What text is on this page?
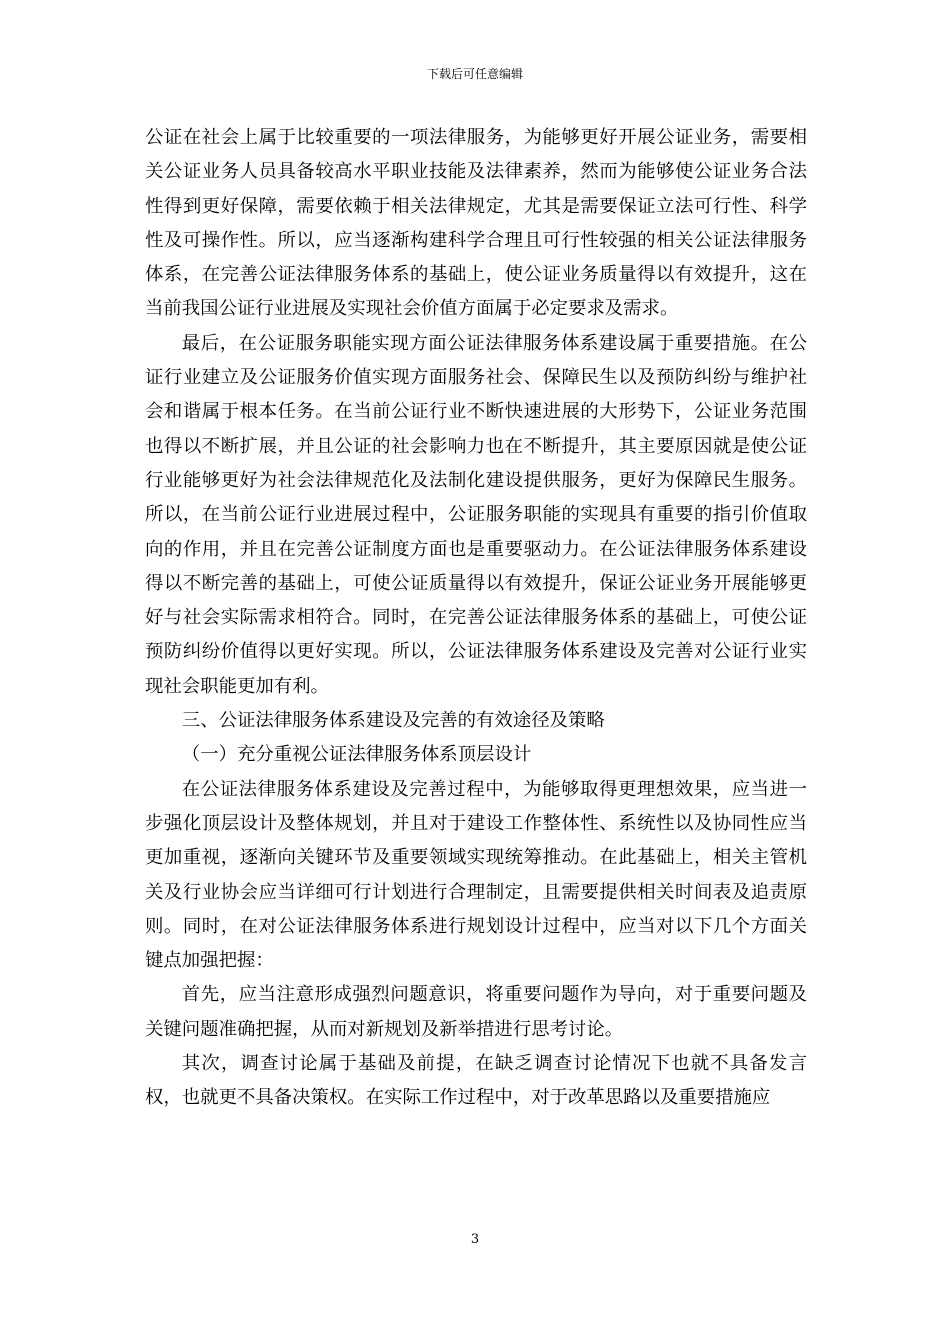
下载后可任意编辑

公证在社会上属于比较重要的一项法律服务，为能够更好开展公证业务，需要相关公证业务人员具备较高水平职业技能及法律素养，然而为能够使公证业务合法性得到更好保障，需要依赖于相关法律规定，尤其是需要保证立法可行性、科学性及可操作性。所以，应当逐渐构建科学合理且可行性较强的相关公证法律服务体系，在完善公证法律服务体系的基础上，使公证业务质量得以有效提升，这在当前我国公证行业进展及实现社会价值方面属于必定要求及需求。

最后，在公证服务职能实现方面公证法律服务体系建设属于重要措施。在公证行业建立及公证服务价值实现方面服务社会、保障民生以及预防纠纷与维护社会和谐属于根本任务。在当前公证行业不断快速进展的大形势下，公证业务范围也得以不断扩展，并且公证的社会影响力也在不断提升，其主要原因就是使公证行业能够更好为社会法律规范化及法制化建设提供服务，更好为保障民生服务。所以，在当前公证行业进展过程中，公证服务职能的实现具有重要的指引价值取向的作用，并且在完善公证制度方面也是重要驱动力。在公证法律服务体系建设得以不断完善的基础上，可使公证质量得以有效提升，保证公证业务开展能够更好与社会实际需求相符合。同时，在完善公证法律服务体系的基础上，可使公证预防纠纷价值得以更好实现。所以，公证法律服务体系建设及完善对公证行业实现社会职能更加有利。

三、公证法律服务体系建设及完善的有效途径及策略

（一）充分重视公证法律服务体系顶层设计

在公证法律服务体系建设及完善过程中，为能够取得更理想效果，应当进一步强化顶层设计及整体规划，并且对于建设工作整体性、系统性以及协同性应当更加重视，逐渐向关键环节及重要领域实现统筹推动。在此基础上，相关主管机关及行业协会应当详细可行计划进行合理制定，且需要提供相关时间表及追责原则。同时，在对公证法律服务体系进行规划设计过程中，应当对以下几个方面关键点加强把握：

首先，应当注意形成强烈问题意识，将重要问题作为导向，对于重要问题及关键问题准确把握，从而对新规划及新举措进行思考讨论。

其次，调查讨论属于基础及前提，在缺乏调查讨论情况下也就不具备发言权，也就更不具备决策权。在实际工作过程中，对于改革思路以及重要措施应

3
